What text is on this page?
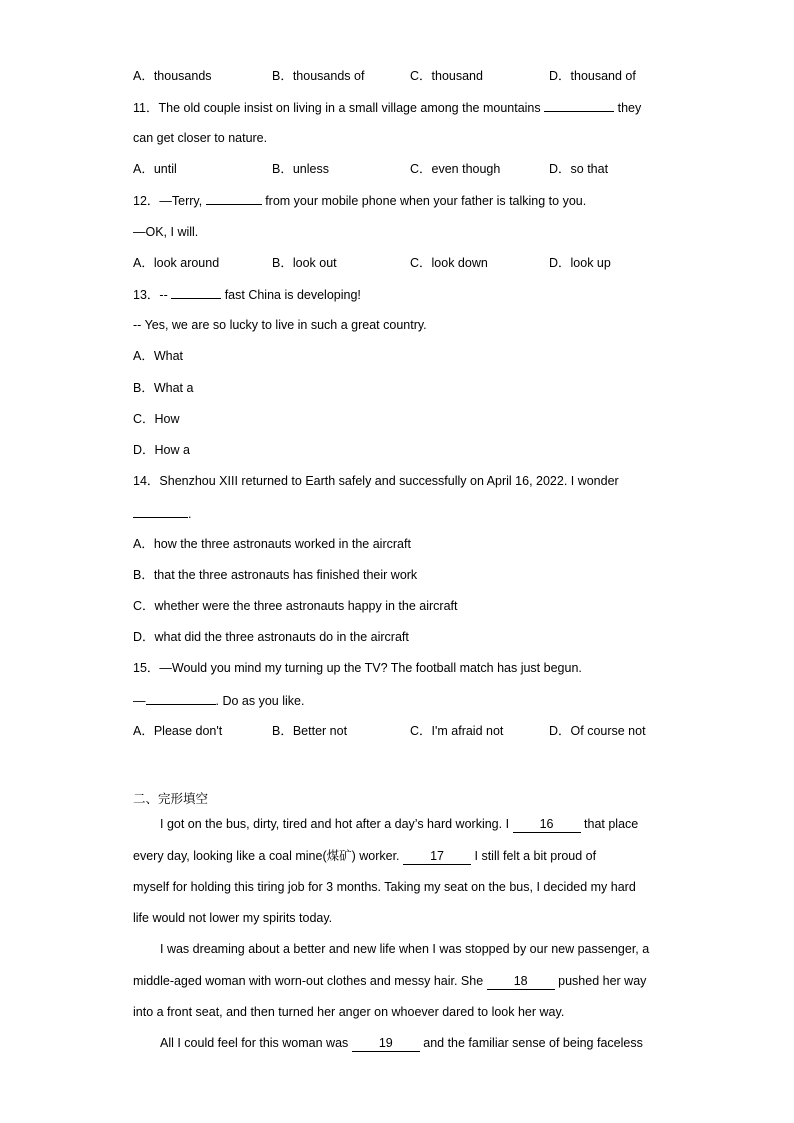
A．thousands	B．thousands of	C．thousand	D．thousand of
11．The old couple insist on living in a small village among the mountains	they
can get closer to nature.
A．until	B．unless	C．even though	D．so that
12．—Terry,	from your mobile phone when your father is talking to you.
—OK, I will.
A．look around	B．look out	C．look down	D．look up
13．--	fast China is developing!
-- Yes, we are so lucky to live in such a great country.
A．What
B．What a
C．How
D．How a
14．Shenzhou XIII returned to Earth safely and successfully on April 16, 2022. I wonder
.
A．how the three astronauts worked in the aircraft
B．that the three astronauts has finished their work
C．whether were the three astronauts happy in the aircraft
D．what did the three astronauts do in the aircraft
15．—Would you mind my turning up the TV? The football match has just begun.
—	. Do as you like.
A．Please don't	B．Better not	C．I'm afraid not	D．Of course not
二、完形填空
I got on the bus, dirty, tired and hot after a day’s hard working. I 16 that place
every day, looking like a coal mine(煤矿) worker. 17 I still felt a bit proud of
myself for holding this tiring job for 3 months. Taking my seat on the bus, I decided my hard
life would not lower my spirits today.
I was dreaming about a better and new life when I was stopped by our new passenger, a
middle-aged woman with worn-out clothes and messy hair. She 18 pushed her way
into a front seat, and then turned her anger on whoever dared to look her way.
All I could feel for this woman was 19 and the familiar sense of being faceless
